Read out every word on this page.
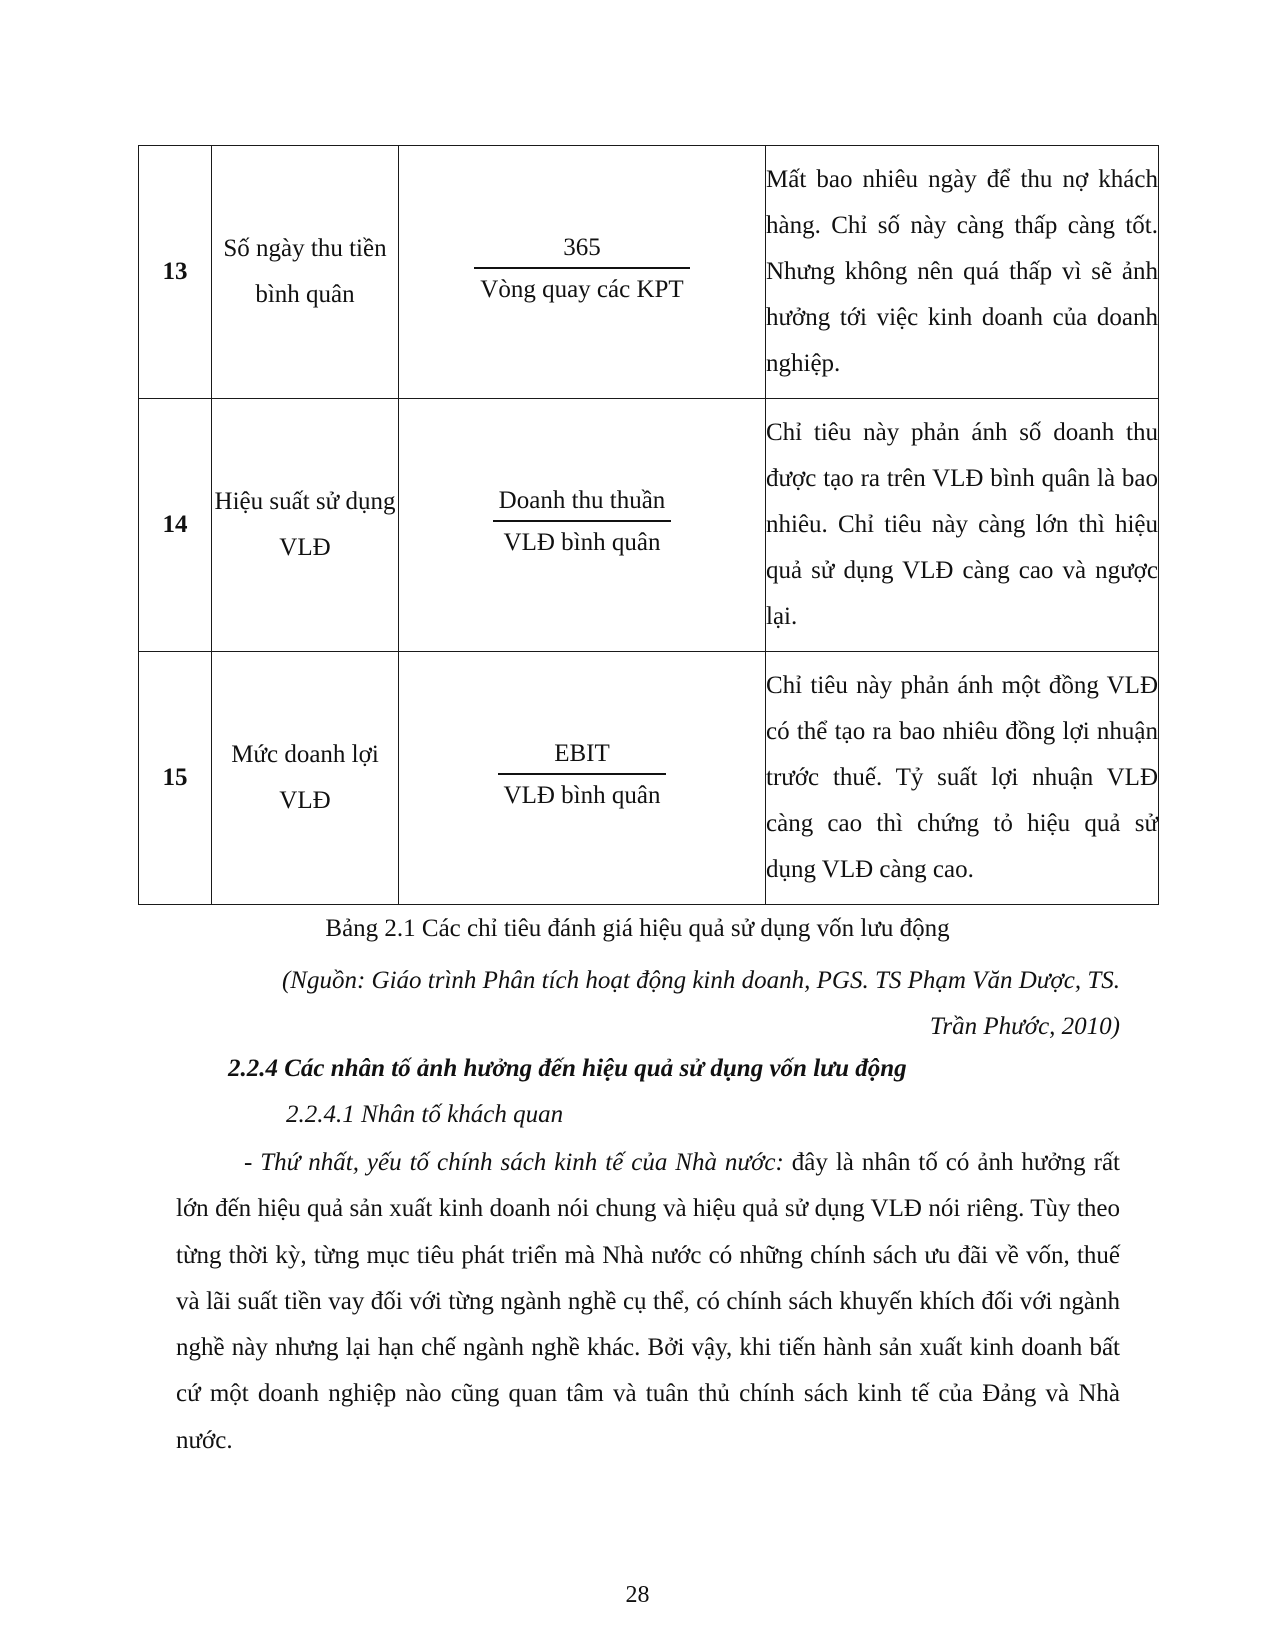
13	Số ngày thu tiền bình quân	$\frac{365}{\text{Vòng quay các KPT}}$	Mất bao nhiêu ngày để thu nợ khách hàng. Chỉ số này càng thấp càng tốt. Nhưng không nên quá thấp vì sẽ ảnh hưởng tới việc kinh doanh của doanh nghiệp.
14	Hiệu suất sử dụng VLĐ	$\frac{\text{Doanh thu thuần}}{\text{VLĐ bình quân}}$	Chỉ tiêu này phản ánh số doanh thu được tạo ra trên VLĐ bình quân là bao nhiêu. Chỉ tiêu này càng lớn thì hiệu quả sử dụng VLĐ càng cao và ngược lại.
15	Mức doanh lợi VLĐ	$\frac{\text{EBIT}}{\text{VLĐ bình quân}}$	Chỉ tiêu này phản ánh một đồng VLĐ có thể tạo ra bao nhiêu đồng lợi nhuận trước thuế. Tỷ suất lợi nhuận VLĐ càng cao thì chứng tỏ hiệu quả sử dụng VLĐ càng cao.
Bảng 2.1 Các chỉ tiêu đánh giá hiệu quả sử dụng vốn lưu động
(Nguồn: Giáo trình Phân tích hoạt động kinh doanh, PGS. TS Phạm Văn Dược, TS.
Trần Phước, 2010)
2.2.4 Các nhân tố ảnh hưởng đến hiệu quả sử dụng vốn lưu động
2.2.4.1 Nhân tố khách quan

- Thứ nhất, yếu tố chính sách kinh tế của Nhà nước: đây là nhân tố có ảnh hưởng rất lớn đến hiệu quả sản xuất kinh doanh nói chung và hiệu quả sử dụng VLĐ nói riêng. Tùy theo từng thời kỳ, từng mục tiêu phát triển mà Nhà nước có những chính sách ưu đãi về vốn, thuế và lãi suất tiền vay đối với từng ngành nghề cụ thể, có chính sách khuyến khích đối với ngành nghề này nhưng lại hạn chế ngành nghề khác. Bởi vậy, khi tiến hành sản xuất kinh doanh bất cứ một doanh nghiệp nào cũng quan tâm và tuân thủ chính sách kinh tế của Đảng và Nhà nước.

28
